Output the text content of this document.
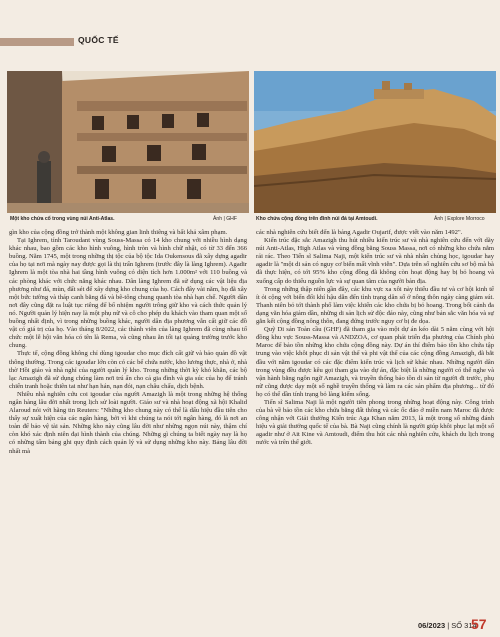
QUỐC TẾ
Một kho chứa cổ trong vùng núi Anti-Atlas.	Ảnh | GHF	Kho chứa cộng đồng trên đỉnh núi đá tại Amtoudi.	Ảnh | Explore Morroco

gìn kho của cộng đồng trở thành một không gian linh thiêng và bất khả xâm phạm.

Tại Ighrem, tỉnh Taroudant vùng Souss-Massa có 14 kho chung với nhiều hình dạng khác nhau, bao gồm các kho hình vuông, hình tròn và hình chữ nhật, có từ 33 đến 366 buồng. Năm 1745, một trong những thị tộc của bộ tộc Ida Oukensous đã xây dựng agadir của họ tại nơi mà ngày nay được gọi là thị trấn Ighrem (trước đây là làng Ighrem). Agadir Ighrem là một tòa nhà hai tầng hình vuông có diện tích hơn 1.000m² với 110 buồng và các phòng khác với chức năng khác nhau. Dân làng Ighrem đã sử dụng các vật liệu địa phương như đá, mùn, đất sét để xây dựng kho chung của họ. Cách đây vài năm, họ đã xây một bức tường và tháp canh bằng đá và bê-tông chung quanh tòa nhà hạn chế. Người dân nơi đây cũng đặt ra luật tục riêng để bổ nhiệm người trông giữ kho và cách thức quản lý nó. Người quản lý hiện nay là một phụ nữ và cô cho phép du khách vào tham quan một số buồng nhất định, vì trong những buồng khác, người dân địa phương vẫn cất giữ các đồ vật có giá trị của họ. Vào tháng 8/2022, các thành viên của làng Ighrem đã cùng nhau tổ chức một lễ hội văn hóa có tên là Rema, và cũng nhau ăn tối tại quảng trường trước kho chung.

Thực tế, cộng đồng không chỉ dùng igoudar cho mục đích cất giữ và bảo quản đồ vật thông thường. Trong các igoudar lớn còn có các bể chứa nước, kho lương thực, nhà ở, nhà thờ Hồi giáo và nhà nghỉ của người quản lý kho. Trong những thời kỳ khó khăn, các bộ lạc Amazigh đã sử dụng chúng làm nơi trú ẩn cho cả gia đình và gia súc của họ để tránh chiến tranh hoặc thiên tai như hạn hán, nạn đói, nạn châu chấu, dịch bệnh.

Nhiều nhà nghiên cứu coi igoudar của người Amazigh là một trong những hệ thống ngân hàng lâu đời nhất trong lịch sử loài người. Giáo sư và nhà hoạt động xã hội Khalid Alaroud nói với hãng tin Reuters: "Những kho chung này có thể là dấu hiệu đầu tiên cho thấy sự xuất hiện của các ngân hàng, bởi vì khi chúng ta nói tới ngân hàng, đó là nơi an toàn để bảo vệ tài sản. Những kho này cũng lâu đời như những ngọn núi này, thậm chí còn khó xác định niên đại hình thành của chúng. Những gì chúng ta biết ngày nay là họ có những tấm bảng ghi quy định cách quản lý và sử dụng những kho này. Bảng lâu đời nhất mà

các nhà nghiên cứu biết đến là bảng Agadir Oujarif, được viết vào năm 1492".

Kiến trúc đặc sắc Amazigh thu hút nhiều kiến trúc sư và nhà nghiên cứu đến với dãy núi Anti-Atlas, High Atlas và vùng đồng bằng Souss Massa, nơi có những kho chứa nằm rải rác. Theo Tiến sĩ Salima Naji, một kiến trúc sư và nhà nhân chủng học, igoudar hay agadir là "một di sản có nguy cơ biến mất vĩnh viễn". Dựa trên số nghiên cứu sơ bộ mà bà đã thực hiện, có tới 95% kho cộng đồng đã không còn hoạt động hay bị bỏ hoang và xuống cấp do thiếu nguồn lực và sự quan tâm của người bản địa.

Trong những thập niên gần đây, các khu vực xa xôi này thiếu đầu tư và cơ hội kinh tế ít ỏi cộng với biến đổi khí hậu dẫn đến tình trạng dân số ở nông thôn ngày càng giảm sút. Thanh niên bỏ tới thành phố làm việc khiến các kho chứa bị bỏ hoang. Trong bối cảnh đa dạng văn hóa giảm dần, những di sản lịch sử độc đáo này, cũng như bản sắc văn hóa và sự gắn kết cộng đồng nông thôn, đang đứng trước nguy cơ bị đe dọa.

Quỹ Di sản Toàn cầu (GHF) đã tham gia vào một dự án kéo dài 5 năm cùng với hội đồng khu vực Souss-Massa và ANDZOA, cơ quan phát triển địa phương của Chính phủ Maroc để bảo tồn những kho chứa cộng đồng này. Dự án thí điểm bảo tồn kho chứa tập trung vào việc khôi phục di sản vật thể và phi vật thể của các cộng đồng Amazigh, đã bắt đầu với năm igoudar có các đặc điểm kiến trúc và lịch sử khác nhau. Những người dân trong vùng đều được kêu gọi tham gia vào dự án, đặc biệt là những người có thể nghe và vận hành bằng ngôn ngữ Amazigh, và truyền thống bảo tồn di sản từ người đi trước, phụ nữ cũng được dạy một số nghề truyền thống và làm ra các sản phẩm địa phương... từ đó họ có thể dần tính trạng bỏ làng kiếm sống.

Tiến sĩ Salima Naji là một người tiên phong trong những hoạt động này. Công trình của bà về bảo tồn các kho chứa bằng đất thông và các ốc đảo ở miền nam Maroc đã được công nhận với Giải thưởng Kiến trúc Aga Khan năm 2013, là một trong số những đánh hiệu và giải thưởng quốc tế của bà. Bà Naji cũng chính là người giúp khôi phục lại một số agadir như ở Ait Kine và Amtoudi, điểm thu hút các nhà nghiên cứu, khách du lịch trong nước và trên thế giới.

06/2023 | SỐ 314
57
